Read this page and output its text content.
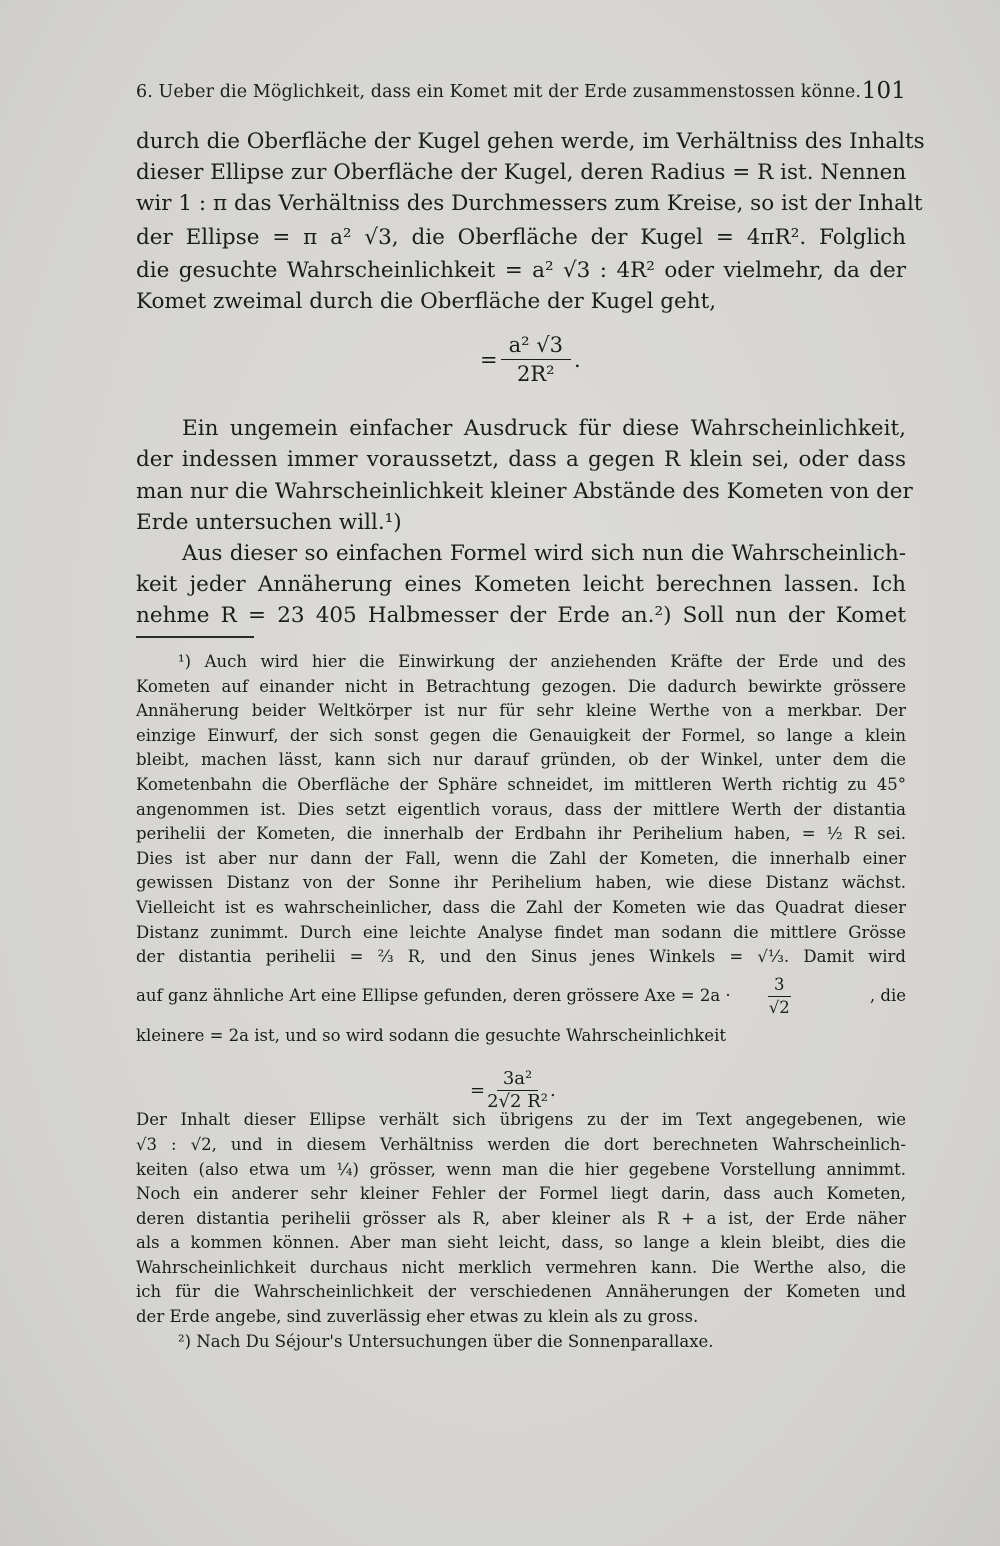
6. Ueber die Möglichkeit, dass ein Komet mit der Erde zusammenstossen könne. 101
durch die Oberfläche der Kugel gehen werde, im Verhältniss des Inhalts
dieser Ellipse zur Oberfläche der Kugel, deren Radius = R ist. Nennen
wir 1 : π das Verhältniss des Durchmessers zum Kreise, so ist der Inhalt
der Ellipse = π a² √3, die Oberfläche der Kugel = 4πR². Folglich
die gesuchte Wahrscheinlichkeit = a² √3 : 4R² oder vielmehr, da der
Komet zweimal durch die Oberfläche der Kugel geht,
Ein ungemein einfacher Ausdruck für diese Wahrscheinlichkeit,
der indessen immer voraussetzt, dass a gegen R klein sei, oder dass
man nur die Wahrscheinlichkeit kleiner Abstände des Kometen von der
Erde untersuchen will.¹)
Aus dieser so einfachen Formel wird sich nun die Wahrscheinlich-
keit jeder Annäherung eines Kometen leicht berechnen lassen. Ich
nehme R = 23 405 Halbmesser der Erde an.²) Soll nun der Komet
= $\frac{\text{a² √3}}{\text{2R²}}$ .
¹) Auch wird hier die Einwirkung der anziehenden Kräfte der Erde und des
Kometen auf einander nicht in Betrachtung gezogen. Die dadurch bewirkte grössere
Annäherung beider Weltkörper ist nur für sehr kleine Werthe von a merkbar. Der
einzige Einwurf, der sich sonst gegen die Genauigkeit der Formel, so lange a klein
bleibt, machen lässt, kann sich nur darauf gründen, ob der Winkel, unter dem die
Kometenbahn die Oberfläche der Sphäre schneidet, im mittleren Werth richtig zu 45°
angenommen ist. Dies setzt eigentlich voraus, dass der mittlere Werth der distantia
perihelii der Kometen, die innerhalb der Erdbahn ihr Perihelium haben, = ½ R sei.
Dies ist aber nur dann der Fall, wenn die Zahl der Kometen, die innerhalb einer
gewissen Distanz von der Sonne ihr Perihelium haben, wie diese Distanz wächst.
Vielleicht ist es wahrscheinlicher, dass die Zahl der Kometen wie das Quadrat dieser
Distanz zunimmt. Durch eine leichte Analyse findet man sodann die mittlere Grösse
der distantia perihelii = ⅔ R, und den Sinus jenes Winkels = √⅓. Damit wird
auf ganz ähnliche Art eine Ellipse gefunden, deren grössere Axe = $2a \cdot \frac{3}{√2}$	, die
kleinere = 2a ist, und so wird sodann die gesuchte Wahrscheinlichkeit
Der Inhalt dieser Ellipse verhält sich übrigens zu der im Text angegebenen, wie
√3 : √2, und in diesem Verhältniss werden die dort berechneten Wahrscheinlich-
keiten (also etwa um ¼) grösser, wenn man die hier gegebene Vorstellung annimmt.
Noch ein anderer sehr kleiner Fehler der Formel liegt darin, dass auch Kometen,
deren distantia perihelii grösser als R, aber kleiner als R + a ist, der Erde näher
als a kommen können. Aber man sieht leicht, dass, so lange a klein bleibt, dies die
Wahrscheinlichkeit durchaus nicht merklich vermehren kann. Die Werthe also, die
ich für die Wahrscheinlichkeit der verschiedenen Annäherungen der Kometen und
der Erde angebe, sind zuverlässig eher etwas zu klein als zu gross.
²) Nach Du Séjour's Untersuchungen über die Sonnenparallaxe.
= $\frac{\text{3a²}}{\text{2√2 R²}}$ .
